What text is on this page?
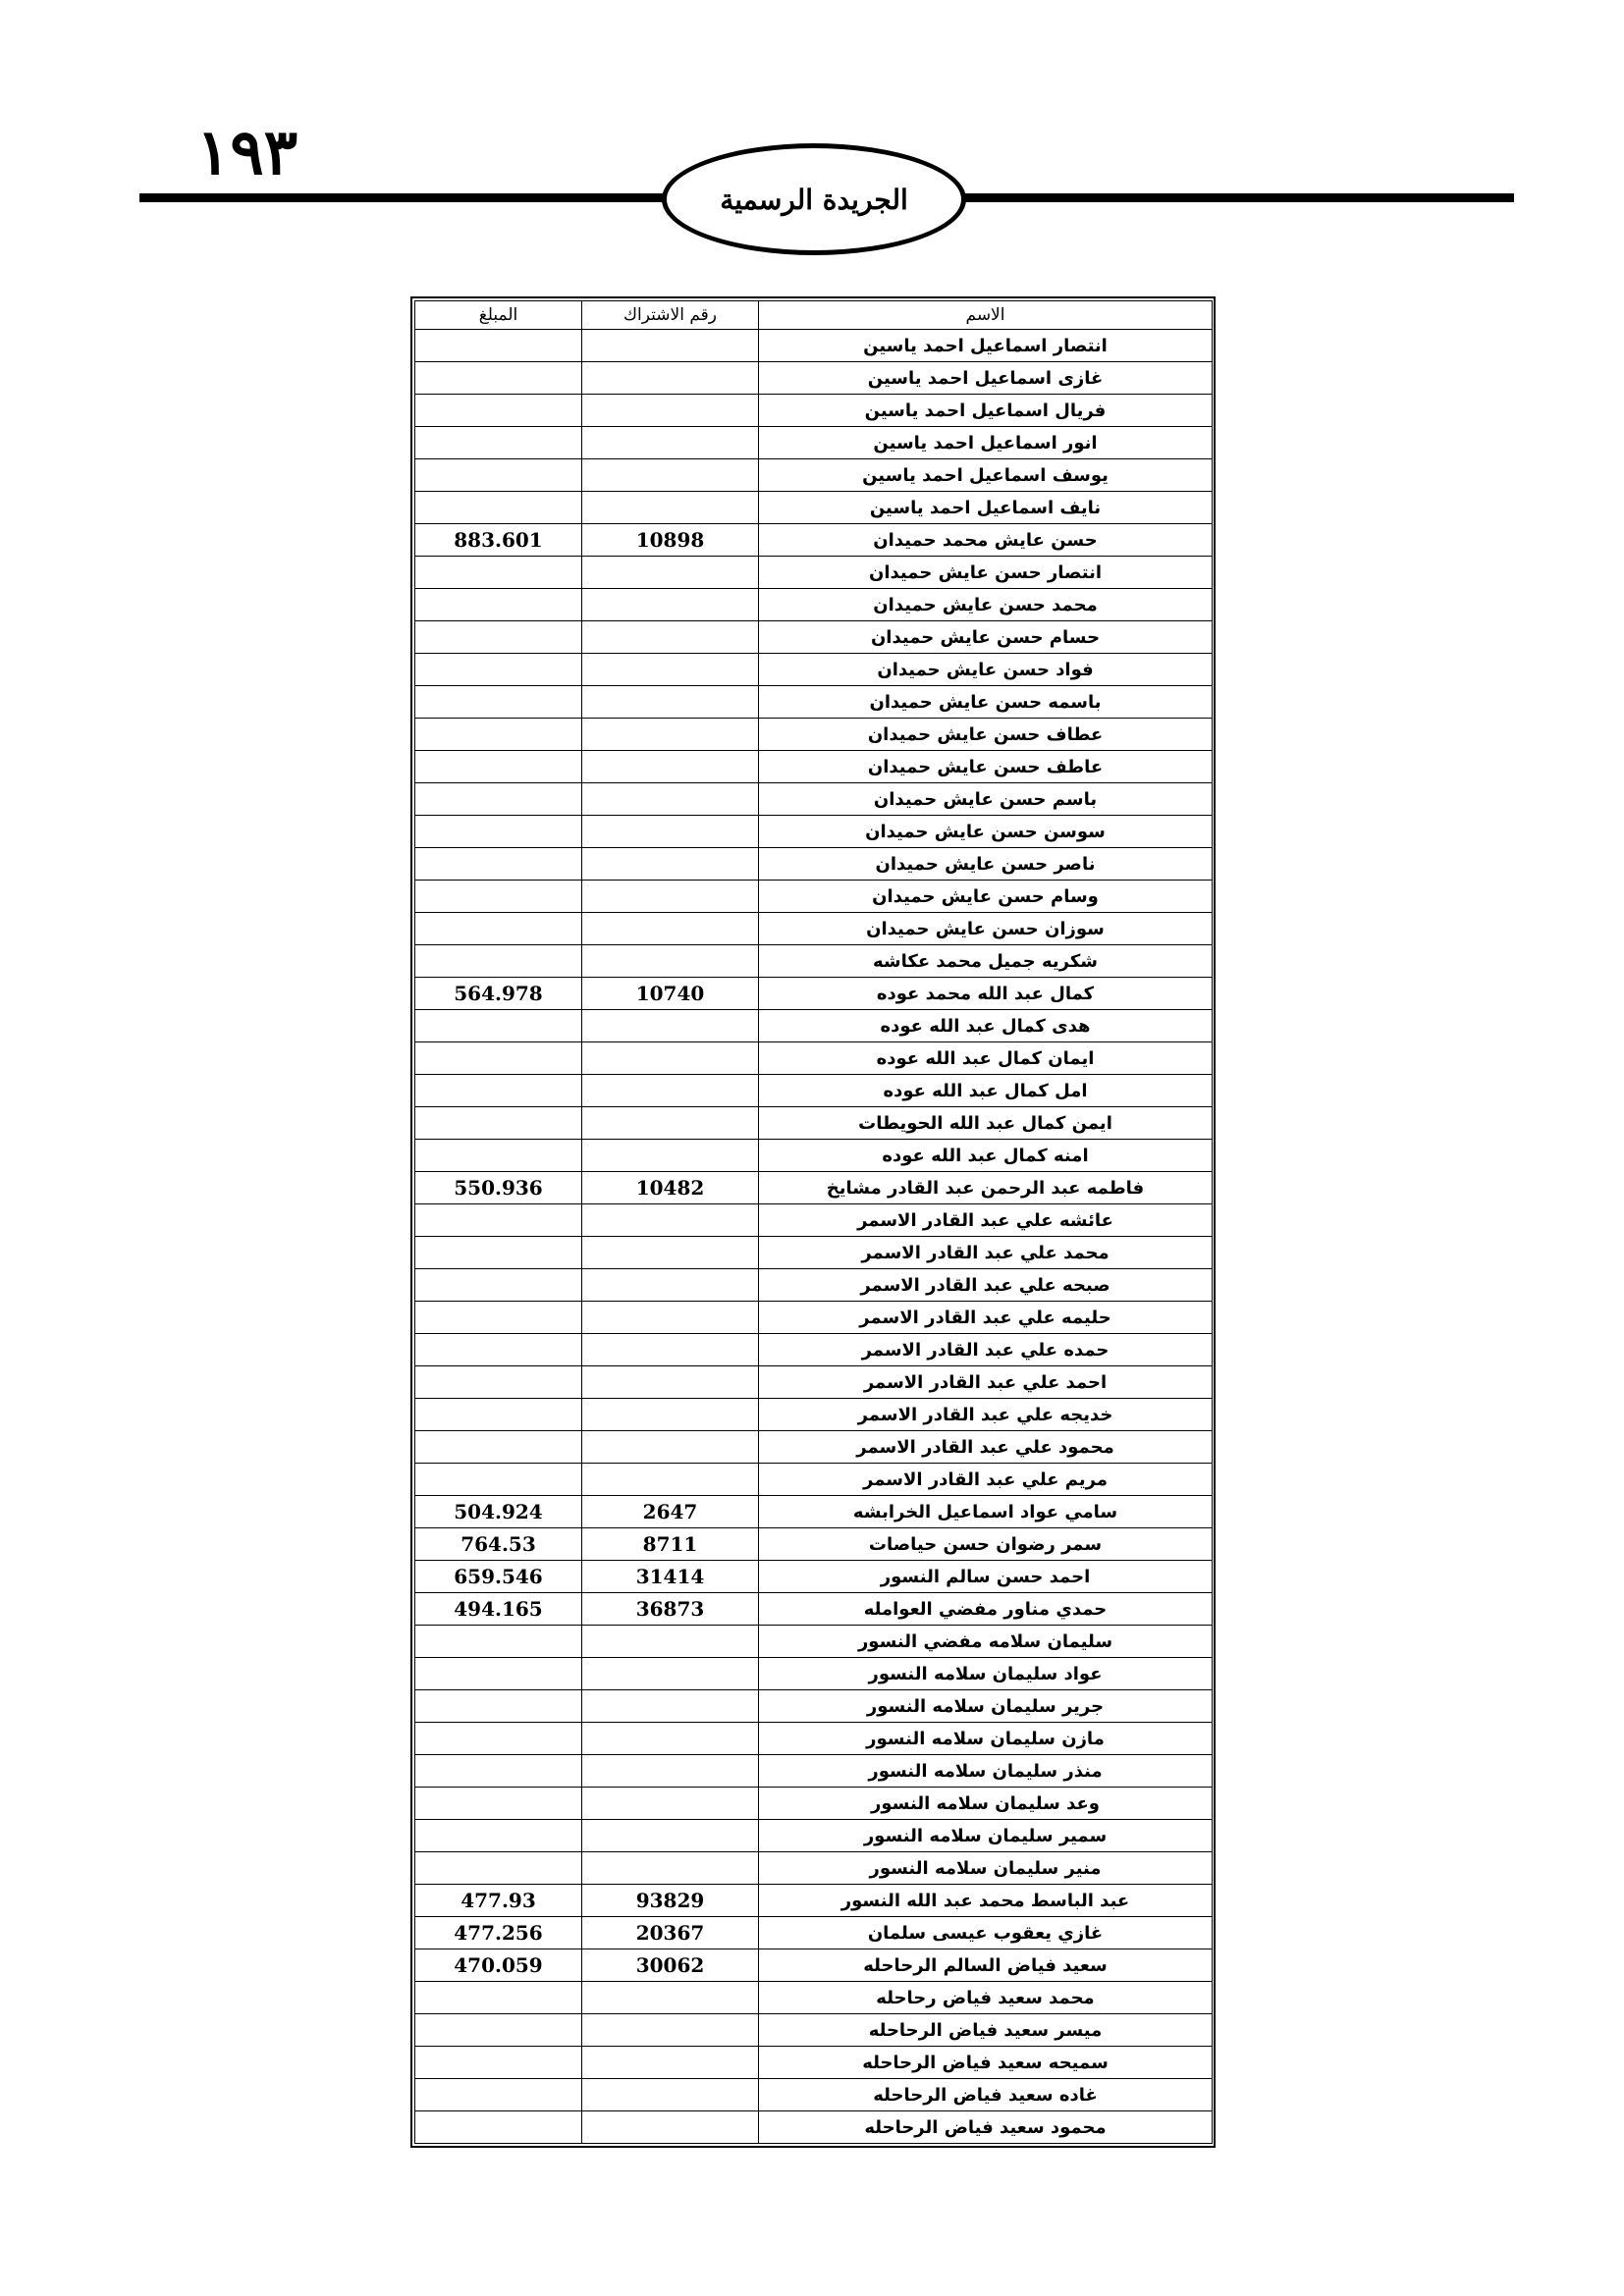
١٩٣
الجريدة الرسمية
الاسم	رقم الاشتراك	المبلغ
انتصار اسماعيل احمد ياسين		
غازى اسماعيل احمد ياسين		
فريال اسماعيل احمد ياسين		
انور اسماعيل احمد ياسين		
يوسف اسماعيل احمد ياسين		
نايف اسماعيل احمد ياسين		
حسن عايش محمد حميدان	10898	883.601
انتصار حسن عايش حميدان		
محمد حسن عايش حميدان		
حسام حسن عايش حميدان		
فواد حسن عايش حميدان		
باسمه حسن عايش حميدان		
عطاف حسن عايش حميدان		
عاطف حسن عايش حميدان		
باسم حسن عايش حميدان		
سوسن حسن عايش حميدان		
ناصر حسن عايش حميدان		
وسام حسن عايش حميدان		
سوزان حسن عايش حميدان		
شكريه جميل محمد عكاشه		
كمال عبد الله محمد عوده	10740	564.978
هدى كمال عبد الله عوده		
ايمان كمال عبد الله عوده		
امل كمال عبد الله عوده		
ايمن كمال عبد الله الحويطات		
امنه كمال عبد الله عوده		
فاطمه عبد الرحمن عبد القادر مشايخ	10482	550.936
عائشه علي عبد القادر الاسمر		
محمد علي عبد القادر الاسمر		
صبحه علي عبد القادر الاسمر		
حليمه علي عبد القادر الاسمر		
حمده علي عبد القادر الاسمر		
احمد علي عبد القادر الاسمر		
خديجه علي عبد القادر الاسمر		
محمود علي عبد القادر الاسمر		
مريم علي عبد القادر الاسمر		
سامي عواد اسماعيل الخرابشه	2647	504.924
سمر رضوان حسن حياصات	8711	764.53
احمد حسن سالم النسور	31414	659.546
حمدي مناور مفضي العوامله	36873	494.165
سليمان سلامه مفضي النسور		
عواد سليمان سلامه النسور		
جرير سليمان سلامه النسور		
مازن سليمان سلامه النسور		
منذر سليمان سلامه النسور		
وعد سليمان سلامه النسور		
سمير سليمان سلامه النسور		
منير سليمان سلامه النسور		
عبد الباسط محمد عبد الله النسور	93829	477.93
غازي يعقوب عيسى سلمان	20367	477.256
سعيد فياض السالم الرحاحله	30062	470.059
محمد سعيد فياض رحاحله		
ميسر سعيد فياض الرحاحله		
سميحه سعيد فياض الرحاحله		
غاده سعيد فياض الرحاحله		
محمود سعيد فياض الرحاحله		
